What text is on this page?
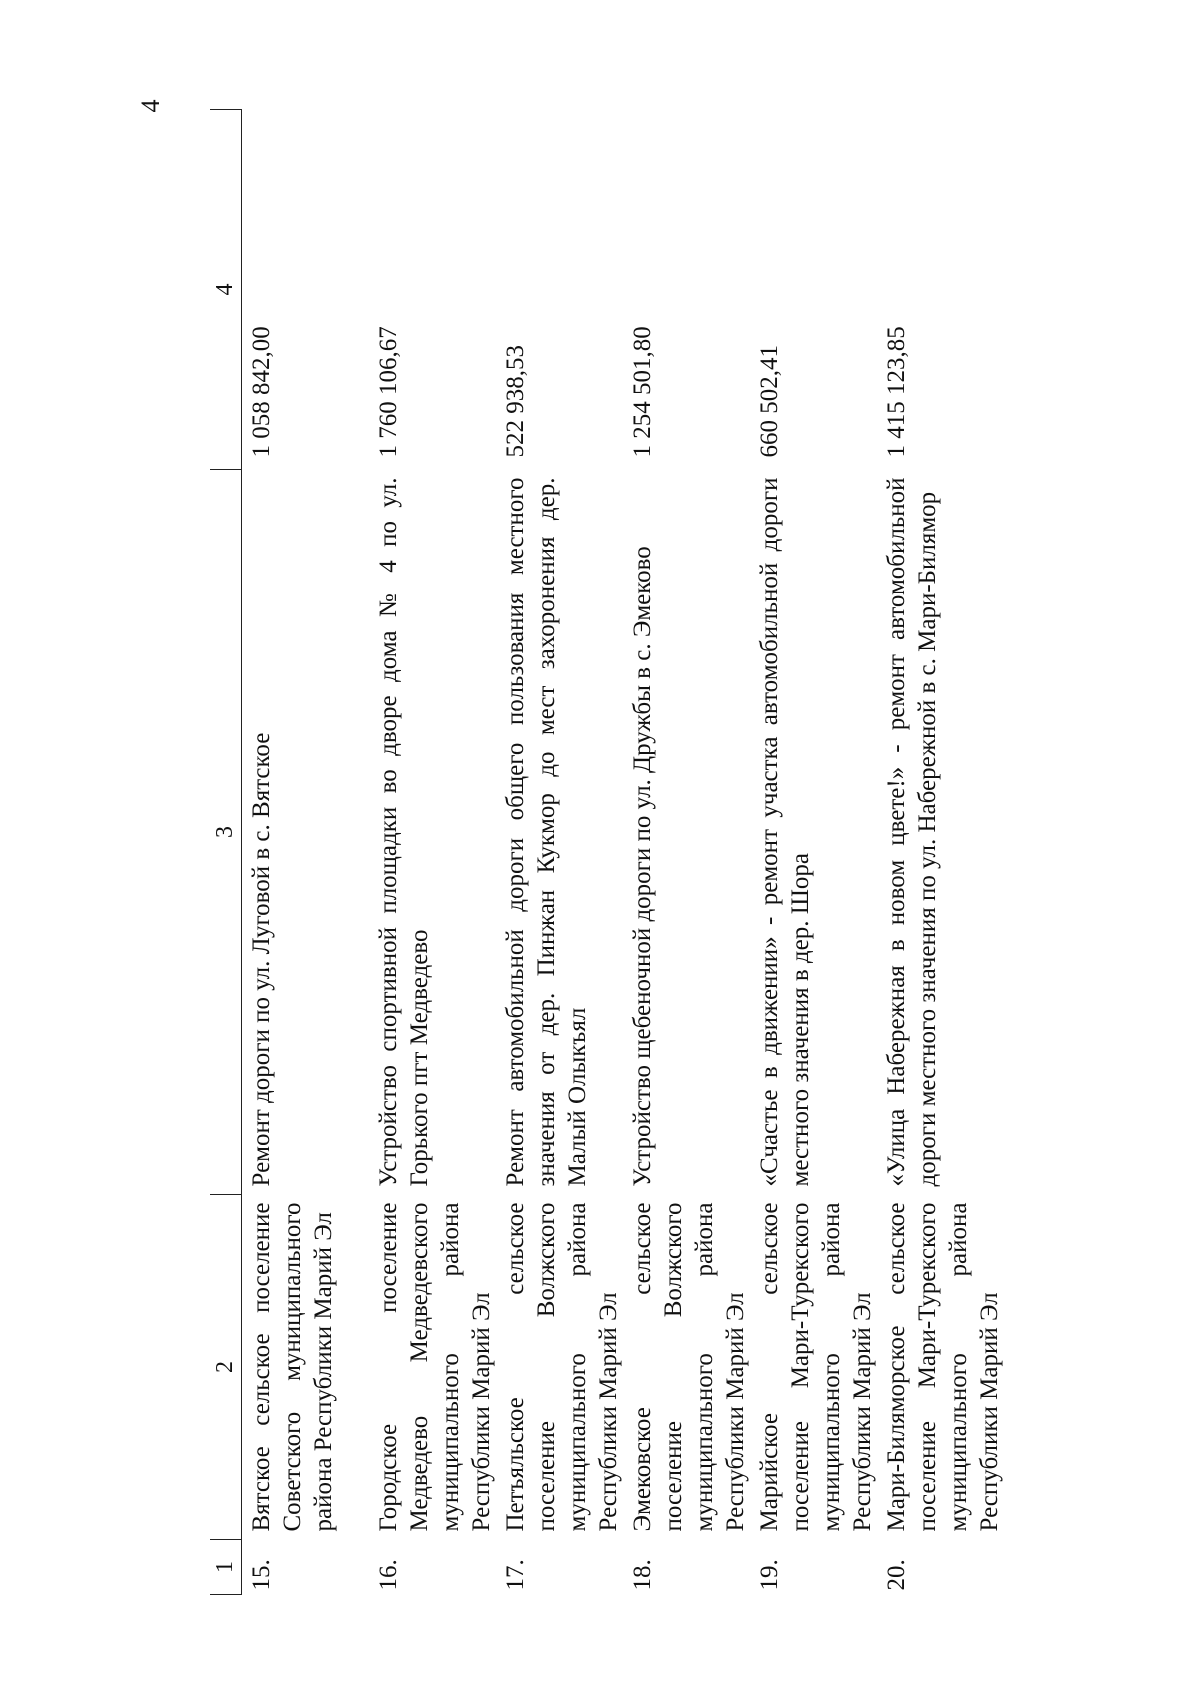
4
1	2	3	4
15.	Вятское сельское поселение Советского муниципального района Республики Марий Эл	Ремонт дороги по ул. Луговой в с. Вятское	1 058 842,00
16.	Городское поселение Медведево Медведевского муниципального района Республики Марий Эл	Устройство спортивной площадки во дворе дома № 4 по ул. Горького пгт Медведево	1 760 106,67
17.	Петъяльское сельское поселение Волжского муниципального района Республики Марий Эл	Ремонт автомобильной дороги общего пользования местного значения от дер. Пинжан Кукмор до мест захоронения дер. Малый Олыкъял	522 938,53
18.	Эмековское сельское поселение Волжского муниципального района Республики Марий Эл	Устройство щебеночной дороги по ул. Дружбы в с. Эмеково	1 254 501,80
19.	Марийское сельское поселение Мари-Турекского муниципального района Республики Марий Эл	«Счастье в движении» - ремонт участка автомобильной дороги местного значения в дер. Шора	660 502,41
20.	Мари-Биляморское сельское поселение Мари-Турекского муниципального района Республики Марий Эл	«Улица Набережная в новом цвете!» - ремонт автомобильной дороги местного значения по ул. Набережной в с. Мари-Билямор	1 415 123,85
